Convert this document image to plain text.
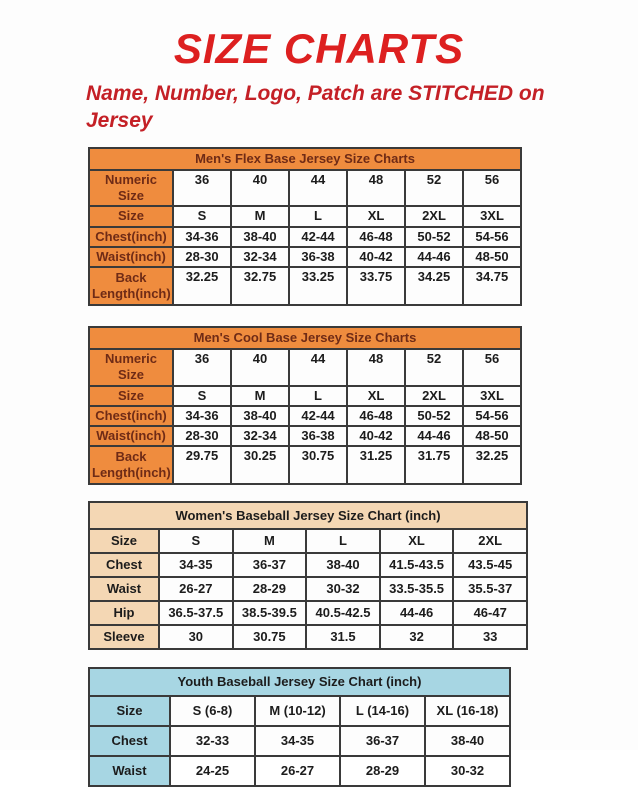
SIZE CHARTS
Name, Number, Logo, Patch are STITCHED on Jersey
Men's Flex Base Jersey Size Charts						
Numeric Size	36	40	44	48	52	56
Size	S	M	L	XL	2XL	3XL
Chest(inch)	34-36	38-40	42-44	46-48	50-52	54-56
Waist(inch)	28-30	32-34	36-38	40-42	44-46	48-50
Back Length(inch)	32.25	32.75	33.25	33.75	34.25	34.75
Men's Cool Base Jersey Size Charts						
Numeric Size	36	40	44	48	52	56
Size	S	M	L	XL	2XL	3XL
Chest(inch)	34-36	38-40	42-44	46-48	50-52	54-56
Waist(inch)	28-30	32-34	36-38	40-42	44-46	48-50
Back Length(inch)	29.75	30.25	30.75	31.25	31.75	32.25
Women's Baseball Jersey Size Chart (inch)					
Size	S	M	L	XL	2XL
Chest	34-35	36-37	38-40	41.5-43.5	43.5-45
Waist	26-27	28-29	30-32	33.5-35.5	35.5-37
Hip	36.5-37.5	38.5-39.5	40.5-42.5	44-46	46-47
Sleeve	30	30.75	31.5	32	33
Youth Baseball Jersey Size Chart (inch)				
Size	S (6-8)	M (10-12)	L (14-16)	XL (16-18)
Chest	32-33	34-35	36-37	38-40
Waist	24-25	26-27	28-29	30-32
